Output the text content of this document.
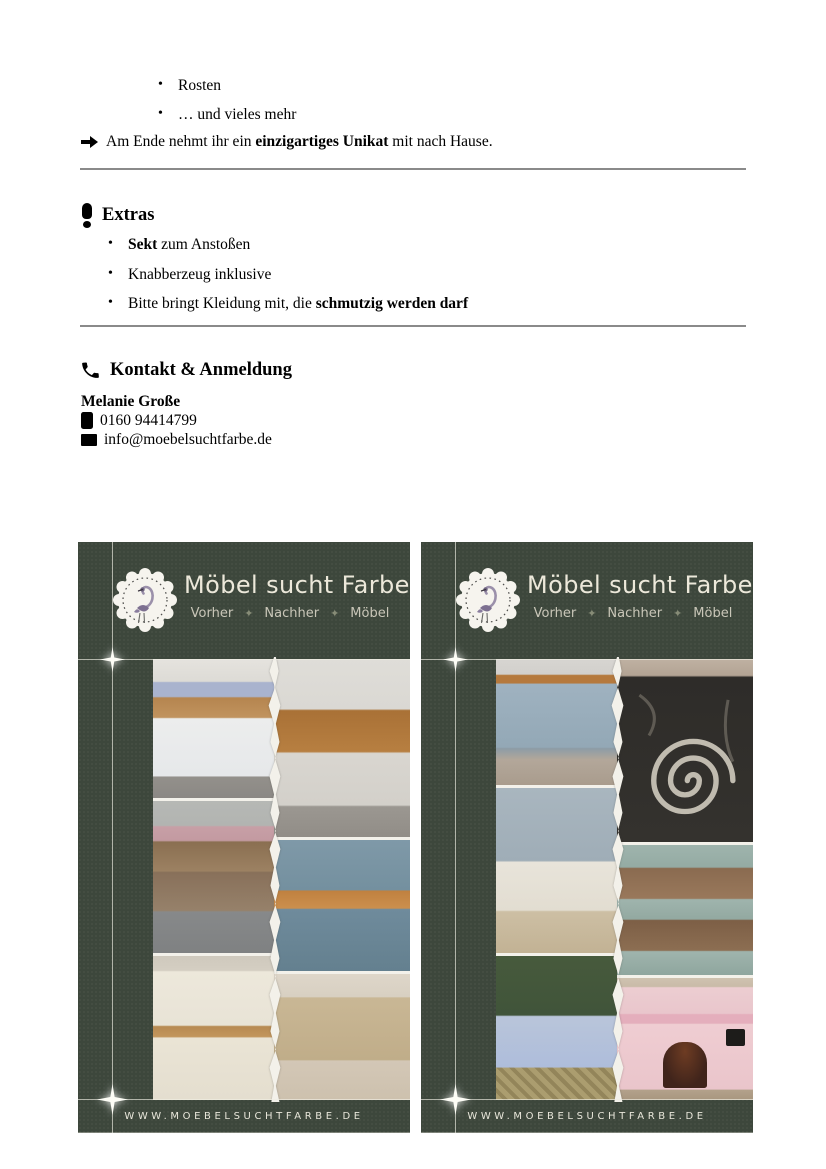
• Rosten
• … und vieles mehr

Am Ende nehmt ihr ein einzigartiges Unikat mit nach Hause.

Extras
• Sekt zum Anstoßen
• Knabberzeug inklusive
• Bitte bringt Kleidung mit, die schmutzig werden darf
Kontakt & Anmeldung
Melanie Große
0160 94414799
info@moebelsuchtfarbe.de
Möbel sucht Farbe
Vorher ✦ Nachher ✦ Möbel
WWW.MOEBELSUCHTFARBE.DE
Möbel sucht Farbe
Vorher ✦ Nachher ✦ Möbel
WWW.MOEBELSUCHTFARBE.DE
